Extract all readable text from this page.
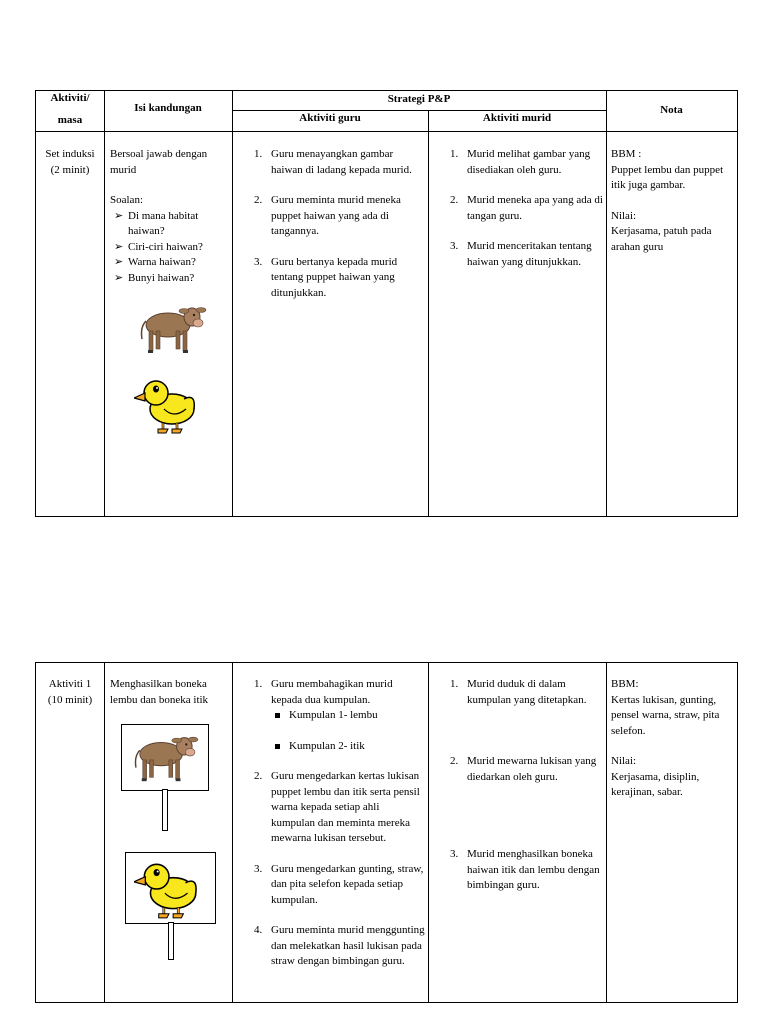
Aktiviti/
masa
Isi kandungan
Strategi P&P
Aktiviti guru	Aktiviti murid
Nota
Set induksi
(2 minit)

Bersoal jawab dengan murid

Soalan:

➢ Di mana habitat haiwan?
➢ Ciri-ciri haiwan?
➢ Warna haiwan?
➢ Bunyi haiwan?
1. Guru menayangkan gambar haiwan di ladang kepada murid.
2. Guru meminta murid meneka puppet haiwan yang ada di tangannya.
3. Guru bertanya kepada murid tentang puppet haiwan yang ditunjukkan.
1. Murid melihat gambar yang disediakan oleh guru.
2. Murid meneka apa yang ada di tangan guru.
3. Murid menceritakan tentang haiwan yang ditunjukkan.

BBM :

Puppet lembu dan puppet itik juga gambar.

Nilai:

Kerjasama, patuh pada arahan guru

Aktiviti 1
(10 minit)

Menghasilkan boneka lembu dan boneka itik

1. Guru membahagikan murid kepada dua kumpulan.
Kumpulan 1- lembu
Kumpulan 2- itik
2. Guru mengedarkan kertas lukisan puppet lembu dan itik serta pensil warna kepada setiap ahli kumpulan dan meminta mereka mewarna lukisan tersebut.
3. Guru mengedarkan gunting, straw, dan pita selefon kepada setiap kumpulan.
4. Guru meminta murid menggunting dan melekatkan hasil lukisan pada straw dengan bimbingan guru.
1. Murid duduk di dalam kumpulan yang ditetapkan.
2. Murid mewarna lukisan yang diedarkan oleh guru.
3. Murid menghasilkan boneka haiwan itik dan lembu dengan bimbingan guru.

BBM:

Kertas lukisan, gunting, pensel warna, straw, pita selefon.

Nilai:

Kerjasama, disiplin, kerajinan, sabar.
